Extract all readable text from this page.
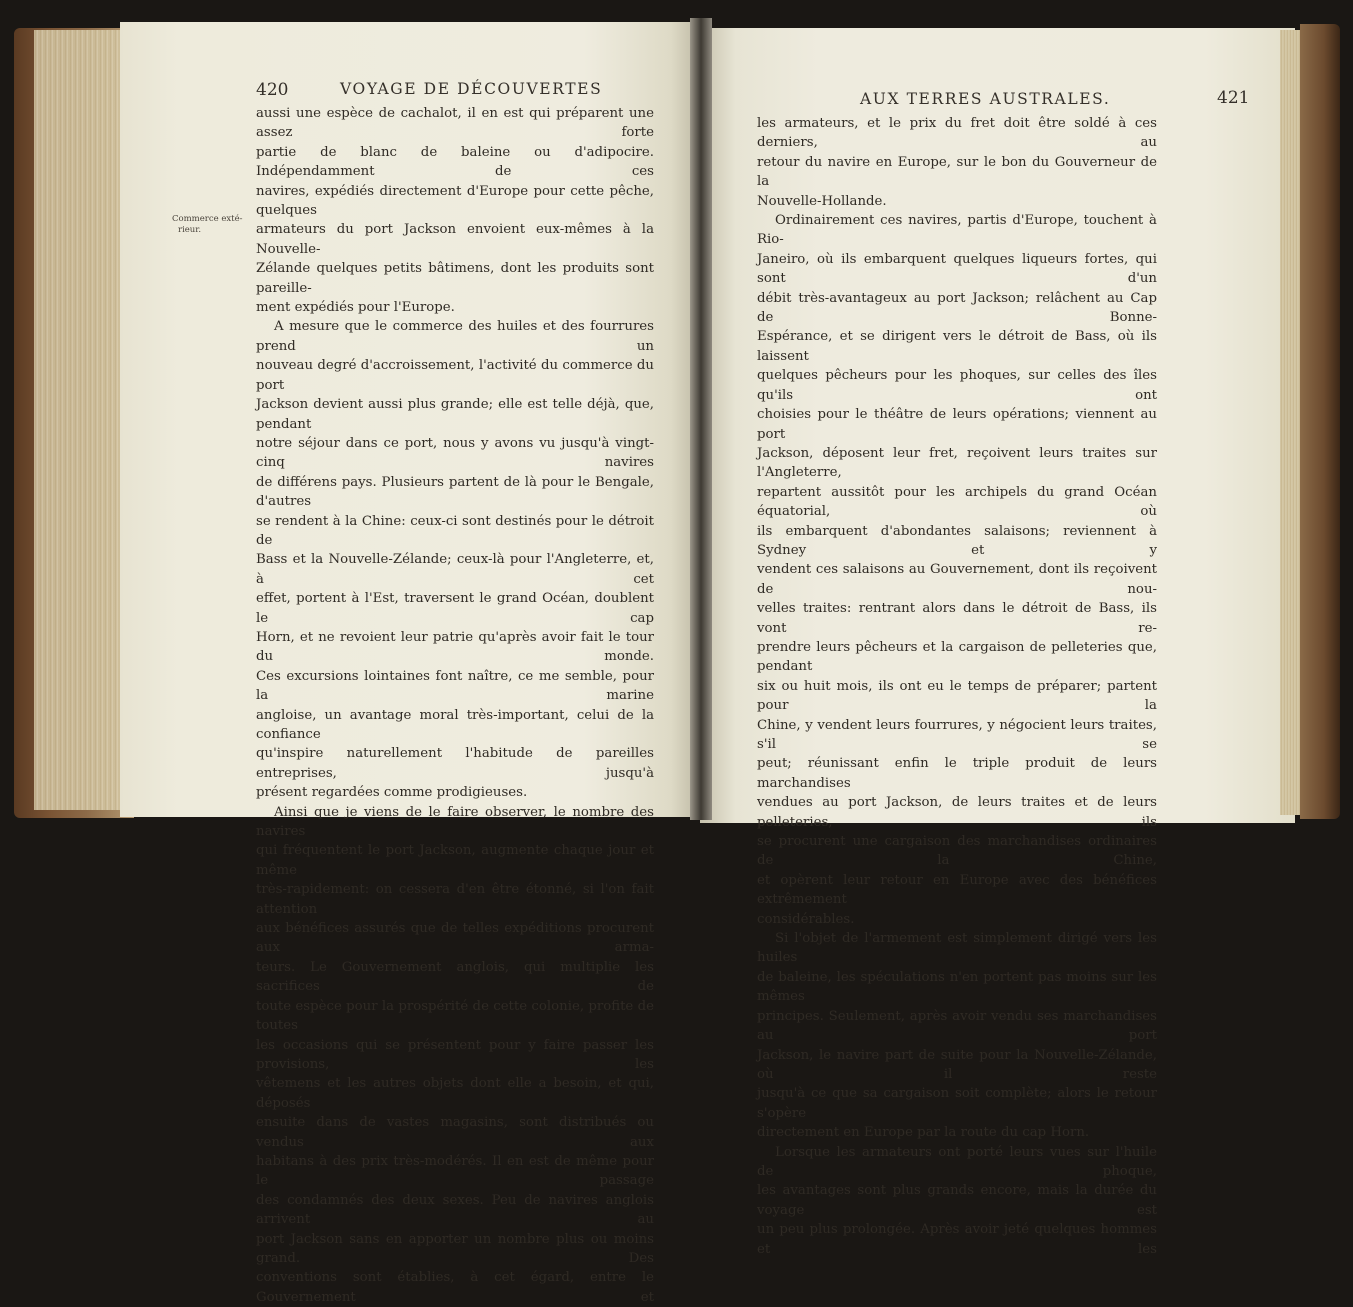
420	VOYAGE DE DÉCOUVERTES
Commerce exté-
rieur.

aussi une espèce de cachalot, il en est qui préparent une assez forte

partie de blanc de baleine ou d'adipocire. Indépendamment de ces

navires, expédiés directement d'Europe pour cette pêche, quelques

armateurs du port Jackson envoient eux-mêmes à la Nouvelle-

Zélande quelques petits bâtimens, dont les produits sont pareille-

ment expédiés pour l'Europe.

A mesure que le commerce des huiles et des fourrures prend un

nouveau degré d'accroissement, l'activité du commerce du port

Jackson devient aussi plus grande; elle est telle déjà, que, pendant

notre séjour dans ce port, nous y avons vu jusqu'à vingt-cinq navires

de différens pays. Plusieurs partent de là pour le Bengale, d'autres

se rendent à la Chine: ceux-ci sont destinés pour le détroit de

Bass et la Nouvelle-Zélande; ceux-là pour l'Angleterre, et, à cet

effet, portent à l'Est, traversent le grand Océan, doublent le cap

Horn, et ne revoient leur patrie qu'après avoir fait le tour du monde.

Ces excursions lointaines font naître, ce me semble, pour la marine

angloise, un avantage moral très-important, celui de la confiance

qu'inspire naturellement l'habitude de pareilles entreprises, jusqu'à

présent regardées comme prodigieuses.

Ainsi que je viens de le faire observer, le nombre des navires

qui fréquentent le port Jackson, augmente chaque jour et même

très-rapidement: on cessera d'en être étonné, si l'on fait attention

aux bénéfices assurés que de telles expéditions procurent aux arma-

teurs. Le Gouvernement anglois, qui multiplie les sacrifices de

toute espèce pour la prospérité de cette colonie, profite de toutes

les occasions qui se présentent pour y faire passer les provisions, les

vêtemens et les autres objets dont elle a besoin, et qui, déposés

ensuite dans de vastes magasins, sont distribués ou vendus aux

habitans à des prix très-modérés. Il en est de même pour le passage

des condamnés des deux sexes. Peu de navires anglois arrivent au

port Jackson sans en apporter un nombre plus ou moins grand. Des

conventions sont établies, à cet égard, entre le Gouvernement et

AUX TERRES AUSTRALES.	421

les armateurs, et le prix du fret doit être soldé à ces derniers, au

retour du navire en Europe, sur le bon du Gouverneur de la

Nouvelle-Hollande.

Ordinairement ces navires, partis d'Europe, touchent à Rio-

Janeiro, où ils embarquent quelques liqueurs fortes, qui sont d'un

débit très-avantageux au port Jackson; relâchent au Cap de Bonne-

Espérance, et se dirigent vers le détroit de Bass, où ils laissent

quelques pêcheurs pour les phoques, sur celles des îles qu'ils ont

choisies pour le théâtre de leurs opérations; viennent au port

Jackson, déposent leur fret, reçoivent leurs traites sur l'Angleterre,

repartent aussitôt pour les archipels du grand Océan équatorial, où

ils embarquent d'abondantes salaisons; reviennent à Sydney et y

vendent ces salaisons au Gouvernement, dont ils reçoivent de nou-

velles traites: rentrant alors dans le détroit de Bass, ils vont re-

prendre leurs pêcheurs et la cargaison de pelleteries que, pendant

six ou huit mois, ils ont eu le temps de préparer; partent pour la

Chine, y vendent leurs fourrures, y négocient leurs traites, s'il se

peut; réunissant enfin le triple produit de leurs marchandises

vendues au port Jackson, de leurs traites et de leurs pelleteries, ils

se procurent une cargaison des marchandises ordinaires de la Chine,

et opèrent leur retour en Europe avec des bénéfices extrêmement

considérables.

Si l'objet de l'armement est simplement dirigé vers les huiles

de baleine, les spéculations n'en portent pas moins sur les mêmes

principes. Seulement, après avoir vendu ses marchandises au port

Jackson, le navire part de suite pour la Nouvelle-Zélande, où il reste

jusqu'à ce que sa cargaison soit complète; alors le retour s'opère

directement en Europe par la route du cap Horn.

Lorsque les armateurs ont porté leurs vues sur l'huile de phoque,

les avantages sont plus grands encore, mais la durée du voyage est

un peu plus prolongée. Après avoir jeté quelques hommes et les
